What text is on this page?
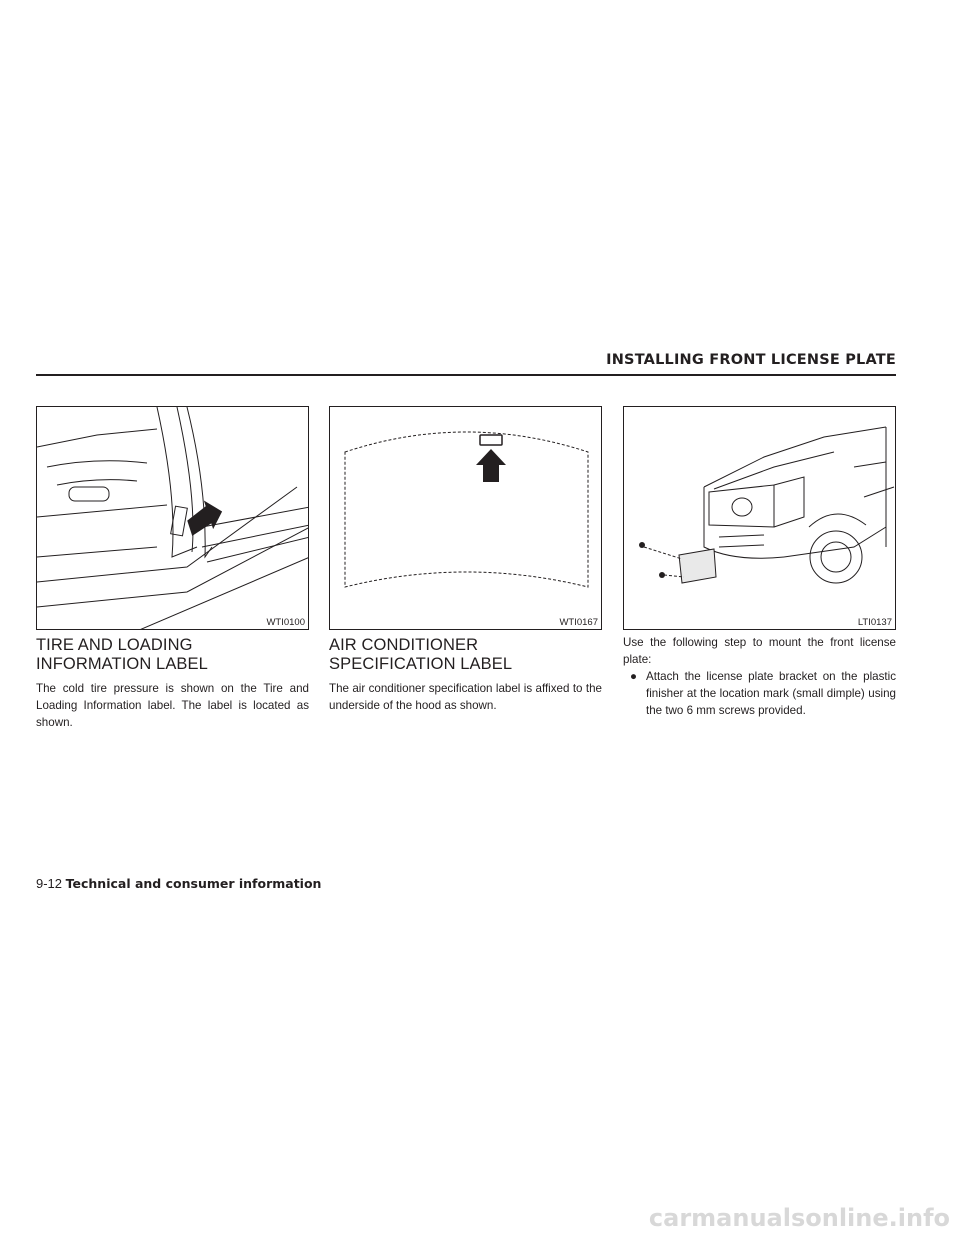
INSTALLING FRONT LICENSE PLATE
WTI0100	WTI0167	LTI0137
TIRE AND LOADING INFORMATION LABEL
The cold tire pressure is shown on the Tire and Loading Information label. The label is located as shown.
AIR CONDITIONER SPECIFICATION LABEL
The air conditioner specification label is affixed to the underside of the hood as shown.
Use the following step to mount the front license plate:
● Attach the license plate bracket on the plastic finisher at the location mark (small dimple) using the two 6 mm screws provided.
9-12 Technical and consumer information
carmanualsonline.info
